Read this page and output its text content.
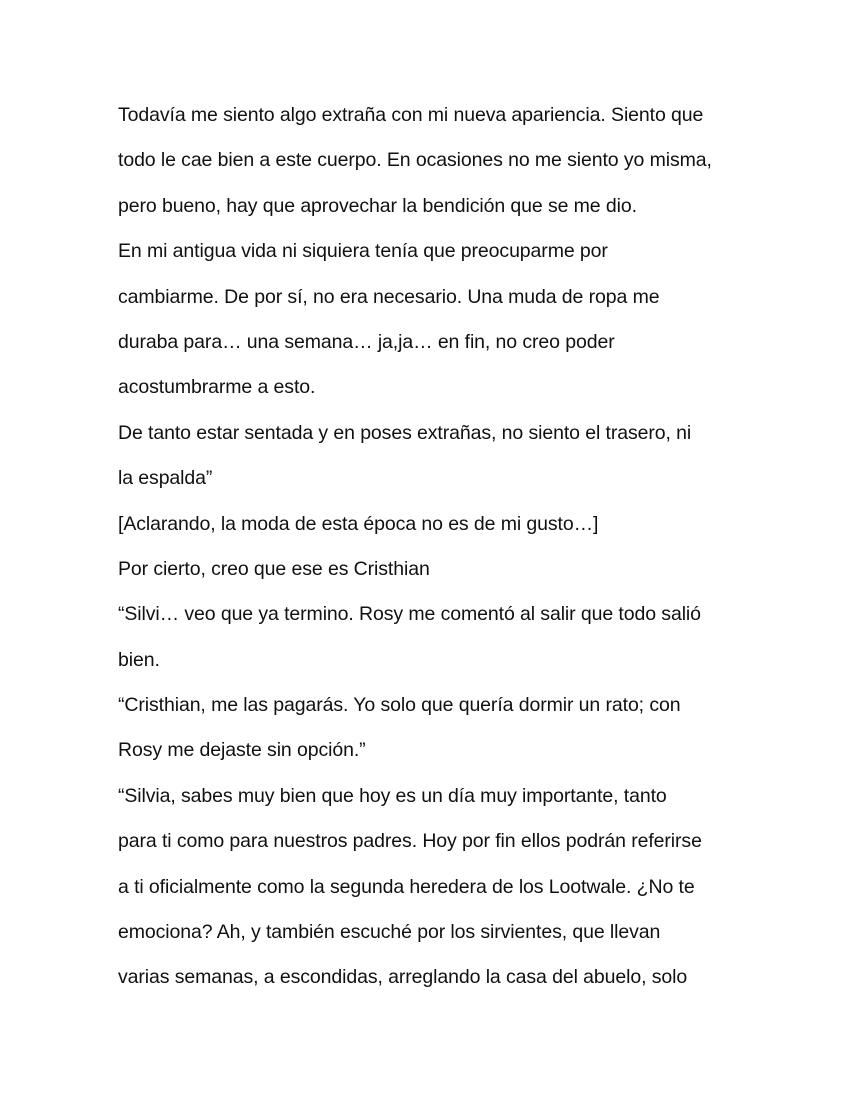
Todavía me siento algo extraña con mi nueva apariencia. Siento que
todo le cae bien a este cuerpo. En ocasiones no me siento yo misma,
pero bueno, hay que aprovechar la bendición que se me dio.
En mi antigua vida ni siquiera tenía que preocuparme por
cambiarme. De por sí, no era necesario. Una muda de ropa me
duraba para… una semana… ja,ja… en fin, no creo poder
acostumbrarme a esto.
De tanto estar sentada y en poses extrañas, no siento el trasero, ni
la espalda”
[Aclarando, la moda de esta época no es de mi gusto…]
Por cierto, creo que ese es Cristhian
“Silvi… veo que ya termino. Rosy me comentó al salir que todo salió
bien.
“Cristhian, me las pagarás. Yo solo que quería dormir un rato; con
Rosy me dejaste sin opción.”
“Silvia, sabes muy bien que hoy es un día muy importante, tanto
para ti como para nuestros padres. Hoy por fin ellos podrán referirse
a ti oficialmente como la segunda heredera de los Lootwale. ¿No te
emociona? Ah, y también escuché por los sirvientes, que llevan
varias semanas, a escondidas, arreglando la casa del abuelo, solo
